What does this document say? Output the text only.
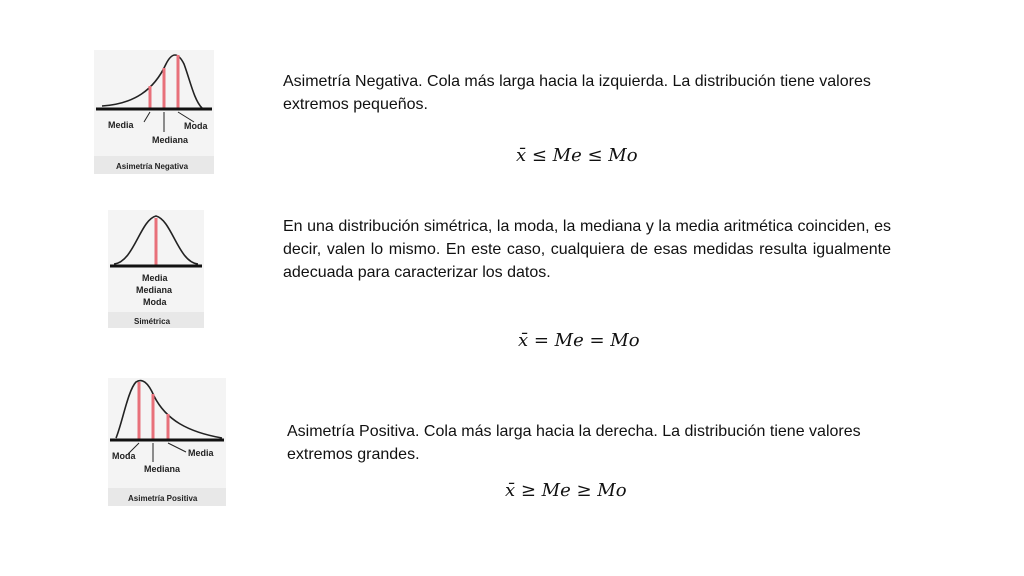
Media
Mediana
Moda
Asimetría Negativa
Media
Mediana
Moda
Simétrica
Moda
Mediana
Media
Asimetría Positiva
Asimetría Negativa. Cola más larga hacia la izquierda. La distribución tiene valores extremos pequeños.
x̄ ≤ Me ≤ Mo
En una distribución simétrica, la moda, la mediana y la media aritmética coinciden, es decir, valen lo mismo. En este caso, cualquiera de esas medidas resulta igualmente adecuada para caracterizar los datos.
x̄ = Me = Mo
Asimetría Positiva. Cola más larga hacia la derecha. La distribución tiene valores extremos grandes.
x̄ ≥ Me ≥ Mo
